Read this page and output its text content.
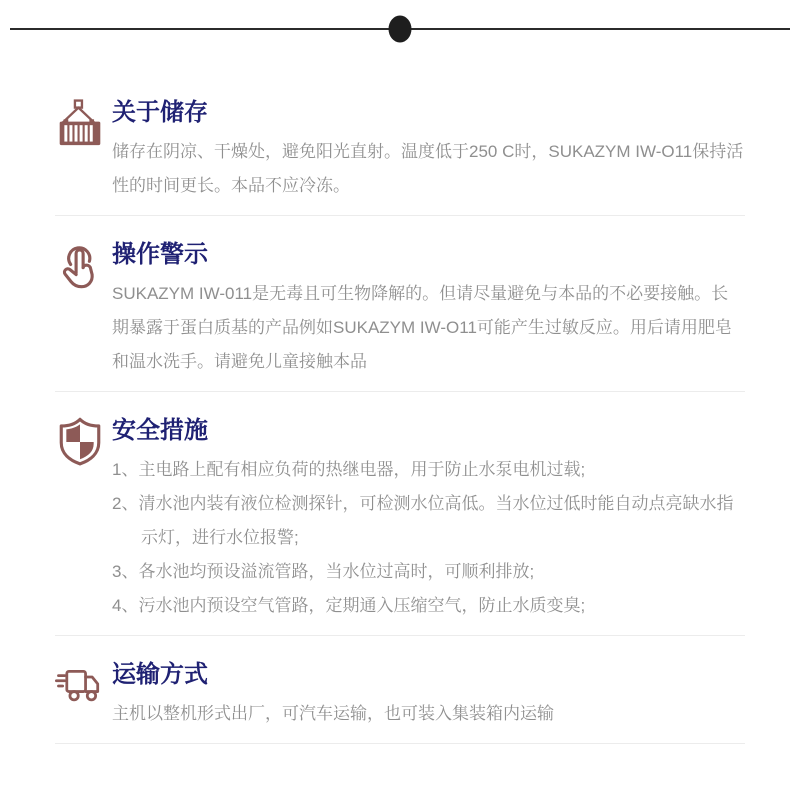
关于储存

储存在阴凉、干燥处，避免阳光直射。温度低于250 C时，SUKAZYM IW-O11保持活性的时间更长。本品不应冷冻。

操作警示

SUKAZYM IW-011是无毒且可生物降解的。但请尽量避免与本品的不必要接触。长期暴露于蛋白质基的产品例如SUKAZYM IW-O11可能产生过敏反应。用后请用肥皂和温水洗手。请避免儿童接触本品

安全措施

1、主电路上配有相应负荷的热继电器，用于防止水泵电机过载;

2、清水池内装有液位检测探针，可检测水位高低。当水位过低时能自动点亮缺水指示灯，进行水位报警;

3、各水池均预设溢流管路，当水位过高时，可顺利排放;

4、污水池内预设空气管路，定期通入压缩空气，防止水质变臭;

运输方式

主机以整机形式出厂，可汽车运输，也可装入集装箱内运输
